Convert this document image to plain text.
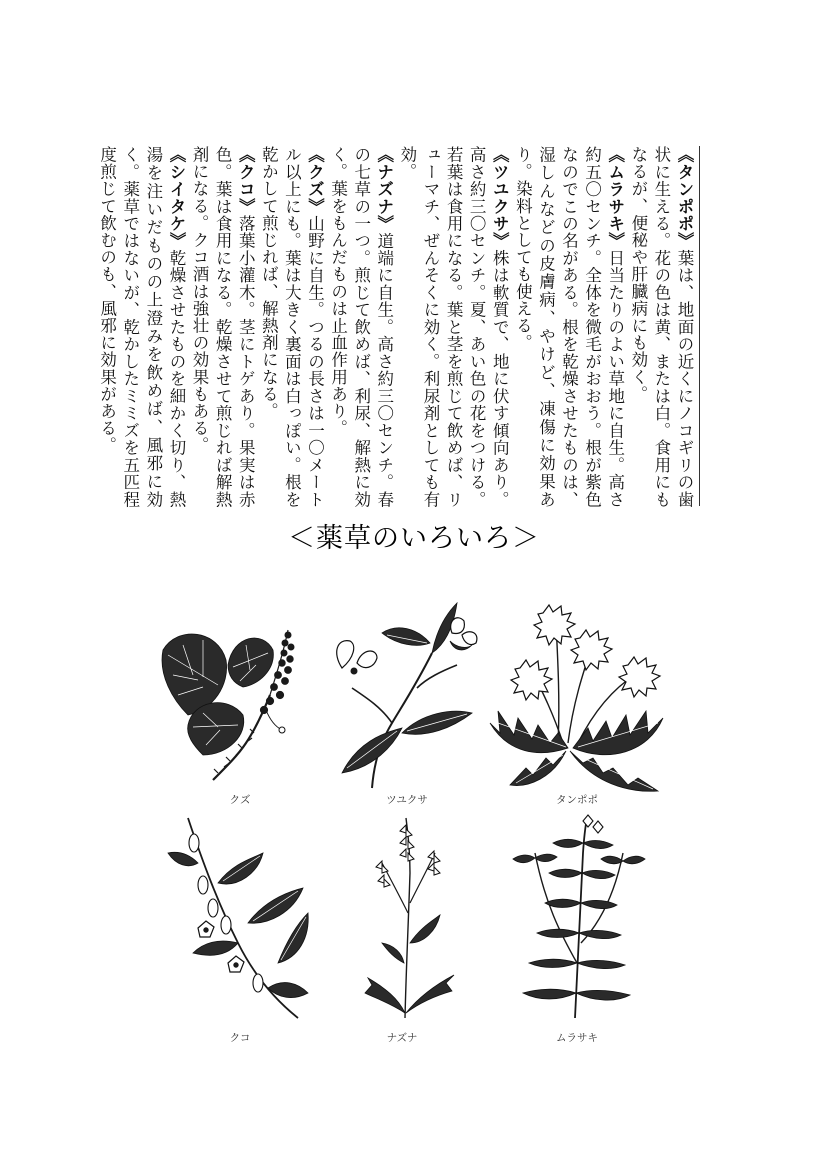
《タンポポ》葉は、地面の近くにノコギリの歯状に生える。花の色は黄、または白。食用にもなるが、便秘や肝臓病にも効く。
《ムラサキ》日当たりのよい草地に自生。高さ約五〇センチ。全体を微毛がおおう。根が紫色なのでこの名がある。根を乾燥させたものは、湿しんなどの皮膚病、やけど、凍傷に効果あり。染料としても使える。
《ツユクサ》株は軟質で、地に伏す傾向あり。高さ約三〇センチ。夏、あい色の花をつける。若葉は食用になる。葉と茎を煎じて飲めば、リューマチ、ぜんそくに効く。利尿剤としても有効。
《ナズナ》道端に自生。高さ約三〇センチ。春の七草の一つ。煎じて飲めば、利尿、解熱に効く。葉をもんだものは止血作用あり。
《クズ》山野に自生。つるの長さは一〇メートル以上にも。葉は大きく裏面は白っぽい。根を乾かして煎じれば、解熱剤になる。
《クコ》落葉小灌木。茎にトゲあり。果実は赤色。葉は食用になる。乾燥させて煎じれば解熱剤になる。クコ酒は強壮の効果もある。
《シイタケ》乾燥させたものを細かく切り、熱湯を注いだものの上澄みを飲めば、風邪に効く。薬草ではないが、乾かしたミミズを五匹程度煎じて飲むのも、風邪に効果がある。
＜薬草のいろいろ＞
クズ	ツユクサ	タンポポ
クコ	ナズナ	ムラサキ
